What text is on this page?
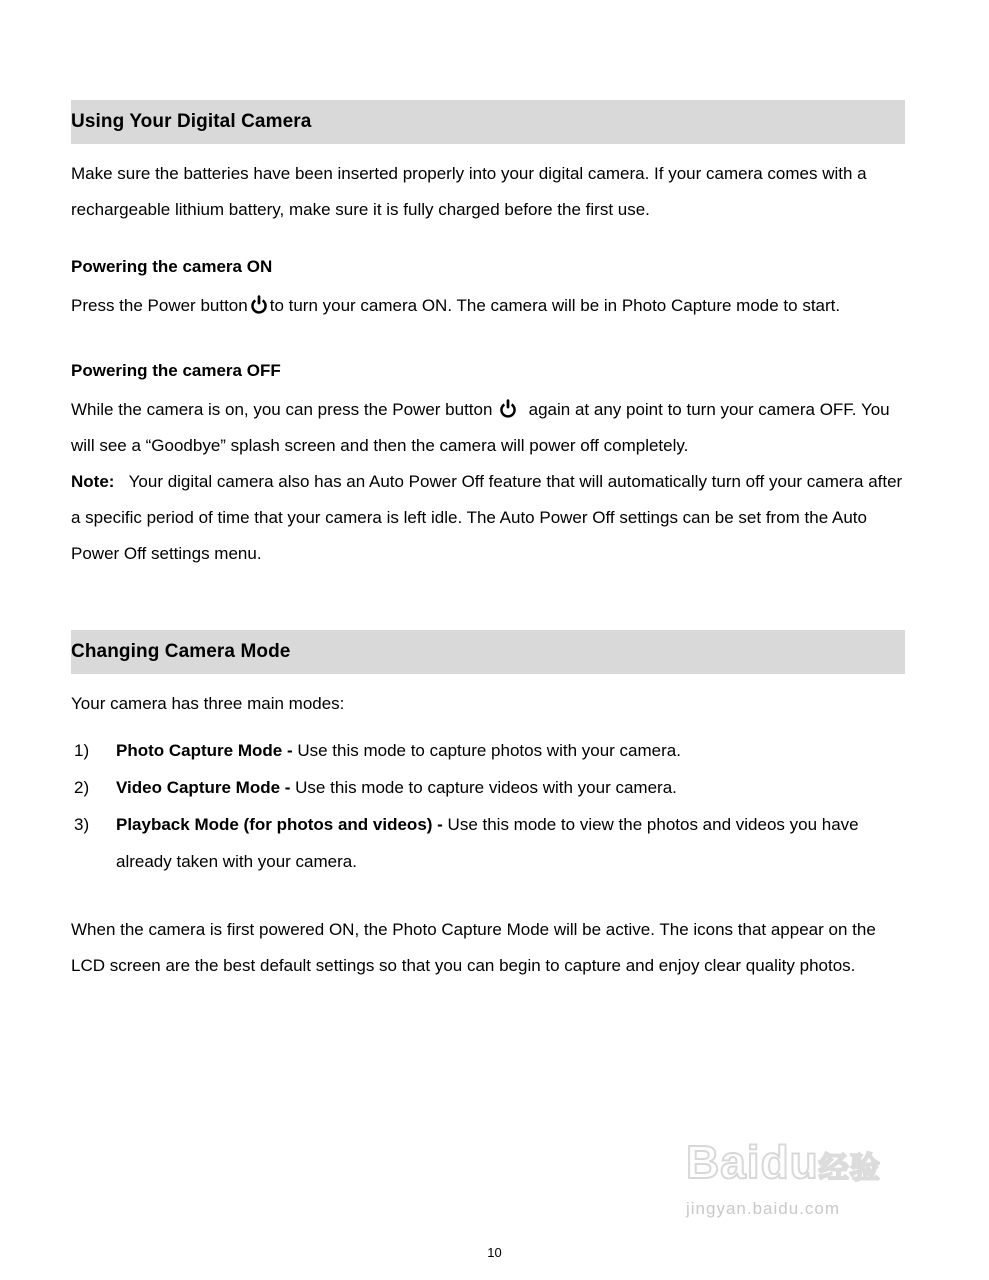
Using Your Digital Camera

Make sure the batteries have been inserted properly into your digital camera. If your camera comes with a rechargeable lithium battery, make sure it is fully charged before the first use.

Powering the camera ON

Press the Power button to turn your camera ON. The camera will be in Photo Capture mode to start.

Powering the camera OFF

While the camera is on, you can press the Power button again at any point to turn your camera OFF. You will see a “Goodbye” splash screen and then the camera will power off completely.

Note: Your digital camera also has an Auto Power Off feature that will automatically turn off your camera after a specific period of time that your camera is left idle. The Auto Power Off settings can be set from the Auto Power Off settings menu.

Changing Camera Mode

Your camera has three main modes:

1) Photo Capture Mode - Use this mode to capture photos with your camera.
2) Video Capture Mode - Use this mode to capture videos with your camera.
3) Playback Mode (for photos and videos) - Use this mode to view the photos and videos you have already taken with your camera.

When the camera is first powered ON, the Photo Capture Mode will be active. The icons that appear on the LCD screen are the best default settings so that you can begin to capture and enjoy clear quality photos.

Baidu经验
jingyan.baidu.com
10
